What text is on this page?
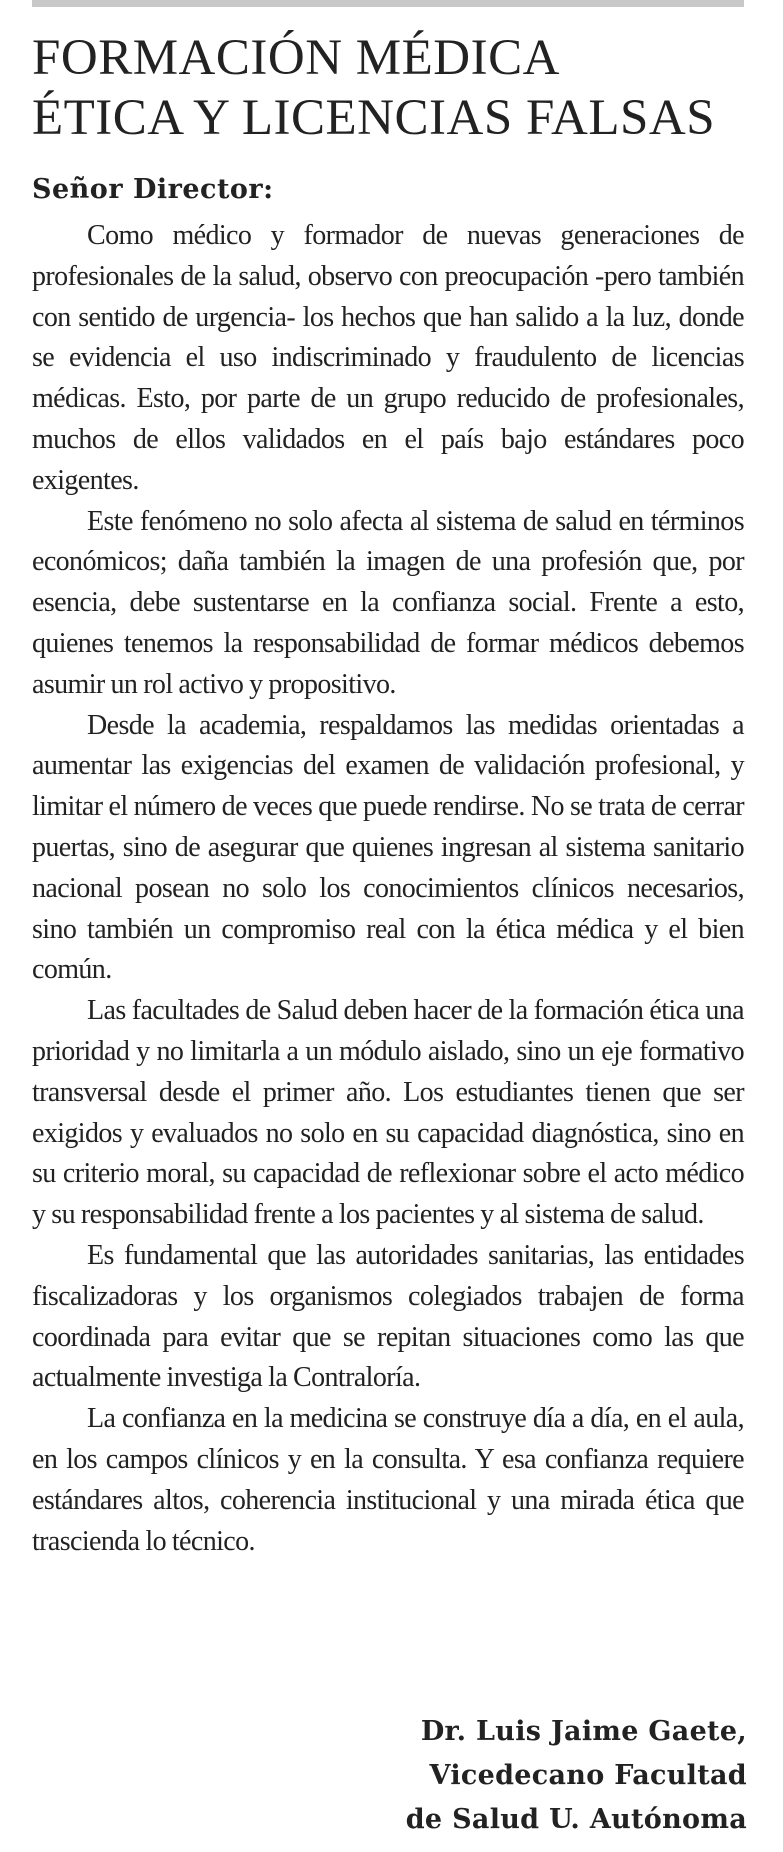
FORMACIÓN MÉDICA
ÉTICA Y LICENCIAS FALSAS
Señor Director:

Como médico y formador de nuevas generaciones de profesionales de la salud, observo con preocupación -pero también con sentido de urgencia- los hechos que han salido a la luz, donde se evidencia el uso indiscriminado y fraudulento de licencias médicas. Esto, por parte de un grupo reducido de profesionales, muchos de ellos validados en el país bajo estándares poco exigentes.

Este fenómeno no solo afecta al sistema de salud en términos económicos; daña también la imagen de una profesión que, por esencia, debe sustentarse en la confianza social. Frente a esto, quienes tenemos la responsabilidad de formar médicos debemos asumir un rol activo y propositivo.

Desde la academia, respaldamos las medidas orientadas a aumentar las exigencias del examen de validación profesional, y limitar el número de veces que puede rendirse. No se trata de cerrar puertas, sino de asegurar que quienes ingresan al sistema sanitario nacional posean no solo los conocimientos clínicos necesarios, sino también un compromiso real con la ética médica y el bien común.

Las facultades de Salud deben hacer de la formación ética una prioridad y no limitarla a un módulo aislado, sino un eje formativo transversal desde el primer año. Los estudiantes tienen que ser exigidos y evaluados no solo en su capacidad diagnóstica, sino en su criterio moral, su capacidad de reflexionar sobre el acto médico y su responsabilidad frente a los pacientes y al sistema de salud.

Es fundamental que las autoridades sanitarias, las entidades fiscalizadoras y los organismos colegiados trabajen de forma coordinada para evitar que se repitan situaciones como las que actualmente investiga la Contraloría.

La confianza en la medicina se construye día a día, en el aula, en los campos clínicos y en la consulta. Y esa confianza requiere estándares altos, coherencia institucional y una mirada ética que trascienda lo técnico.

Dr. Luis Jaime Gaete,
Vicedecano Facultad
de Salud U. Autónoma
